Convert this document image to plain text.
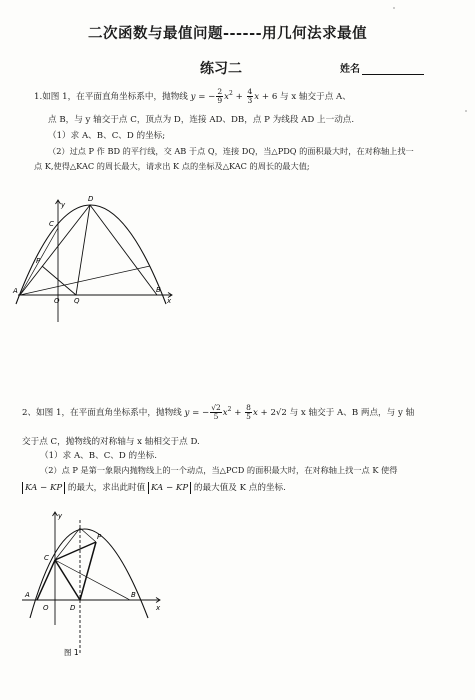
二次函数与最值问题------用几何法求最值
练习二	姓名
1.如图 1，在平面直角坐标系中，抛物线 y = − $\frac{2}{9} x^2 + \frac{4}{3}$ x + 6 与 x 轴交于点 A、
点 B，与 y 轴交于点 C，顶点为 D，连接 AD、DB，点 P 为线段 AD 上一动点.
（1）求 A、B、C、D 的坐标;
（2）过点 P 作 BD 的平行线，交 AB 于点 Q，连接 DQ，当△PDQ 的面积最大时，在对称轴上找一
点 K,使得△KAC 的周长最大，请求出 K 点的坐标及△KAC 的周长的最大值;
y
D
C
P
A
O Q
B
x
y
C
P
A
O	D
B
x
图 1
2、如图 1，在平面直角坐标系中，抛物线 y = − $\frac{√2}{5} x^2 + \frac{8}{5}$ x + 2√2 与 x 轴交于 A、B 两点，与 y 轴
交于点 C，抛物线的对称轴与 x 轴相交于点 D.
（1）求 A、B、C、D 的坐标.
（2）点 P 是第一象限内抛物线上的一个动点，当△PCD 的面积最大时，在对称轴上找一点 K 使得
KA − KP 的最大，求出此时值 KA − KP 的最大值及 K 点的坐标.
